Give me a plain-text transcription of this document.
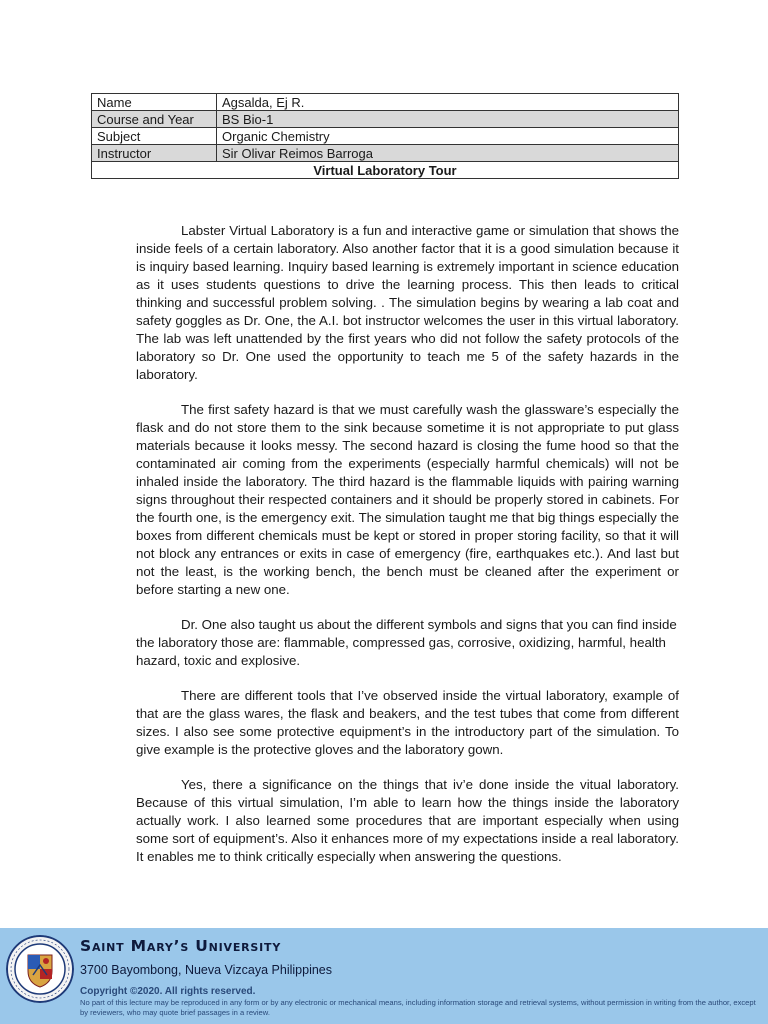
Name	Agsalda, Ej R.
Course and Year	BS Bio-1
Subject	Organic Chemistry
Instructor	Sir Olivar Reimos Barroga
Virtual Laboratory Tour	

Labster Virtual Laboratory is a fun and interactive game or simulation that shows the inside feels of a certain laboratory. Also another factor that it is a good simulation because it is inquiry based learning. Inquiry based learning is extremely important in science education as it uses students questions to drive the learning process. This then leads to critical thinking and successful problem solving. . The simulation begins by wearing a lab coat and safety goggles as Dr. One, the A.I. bot instructor welcomes the user in this virtual laboratory. The lab was left unattended by the first years who did not follow the safety protocols of the laboratory so Dr. One used the opportunity to teach me 5 of the safety hazards in the laboratory.

The first safety hazard is that we must carefully wash the glassware’s especially the flask and do not store them to the sink because sometime it is not appropriate to put glass materials because it looks messy. The second hazard is closing the fume hood so that the contaminated air coming from the experiments (especially harmful chemicals) will not be inhaled inside the laboratory. The third hazard is the flammable liquids with pairing warning signs throughout their respected containers and it should be properly stored in cabinets. For the fourth one, is the emergency exit. The simulation taught me that big things especially the boxes from different chemicals must be kept or stored in proper storing facility, so that it will not block any entrances or exits in case of emergency (fire, earthquakes etc.). And last but not the least, is the working bench, the bench must be cleaned after the experiment or before starting a new one.

Dr. One also taught us about the different symbols and signs that you can find inside the laboratory those are: flammable, compressed gas, corrosive, oxidizing, harmful, health hazard, toxic and explosive.

There are different tools that I’ve observed inside the virtual laboratory, example of that are the glass wares, the flask and beakers, and the test tubes that come from different sizes. I also see some protective equipment’s in the introductory part of the simulation. To give example is the protective gloves and the laboratory gown.

Yes, there a significance on the things that iv’e done inside the vitual laboratory. Because of this virtual simulation, I’m able to learn how the things inside the laboratory actually work. I also learned some procedures that are important especially when using some sort of equipment’s. Also it enhances more of my expectations inside a real laboratory. It enables me to think critically especially when answering the questions.

Saint Mary’s University
3700 Bayombong, Nueva Vizcaya Philippines
Copyright ©2020. All rights reserved.
No part of this lecture may be reproduced in any form or by any electronic or mechanical means, including information storage and retrieval systems, without permission in writing from the author, except by reviewers, who may quote brief passages in a review.
